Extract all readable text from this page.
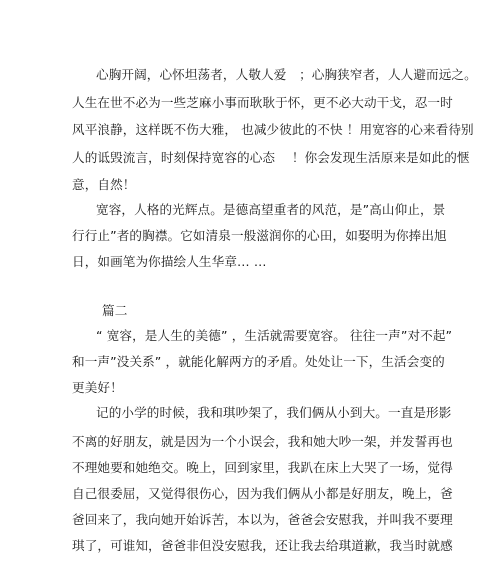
心胸开阔，心怀坦荡者，人敬人爱　；心胸狭窄者，人人避而远之。
人生在世不必为一些芝麻小事而耿耿于怀，更不必大动干戈，忍一时
风平浪静，这样既不伤大雅， 也减少彼此的不快 ！用宽容的心来看待别
人的诋毁流言，时刻保持宽容的心态　 ！你会发现生活原来是如此的惬
意，自然！
宽容，人格的光辉点。是德高望重者的风范，是”高山仰止，景
行行止”者的胸襟。它如清泉一般滋润你的心田，如娶明为你捧出旭
日，如画笔为你描绘人生华章… …
篇二
“ 宽容，是人生的美德” ，生活就需要宽容。 往往一声”对不起”
和一声”没关系” ，就能化解两方的矛盾。处处让一下，生活会变的
更美好！
记的小学的时候，我和琪吵架了，我们俩从小到大。一直是形影
不离的好朋友，就是因为一个小误会，我和她大吵一架，并发誓再也
不理她要和她绝交。晚上，回到家里，我趴在床上大哭了一场，觉得
自己很委屈，又觉得很伤心，因为我们俩从小都是好朋友，晚上，爸
爸回来了，我向她开始诉苦，本以为，爸爸会安慰我，并叫我不要理
琪了，可谁知，爸爸非但没安慰我，还让我去给琪道歉，我当时就感
